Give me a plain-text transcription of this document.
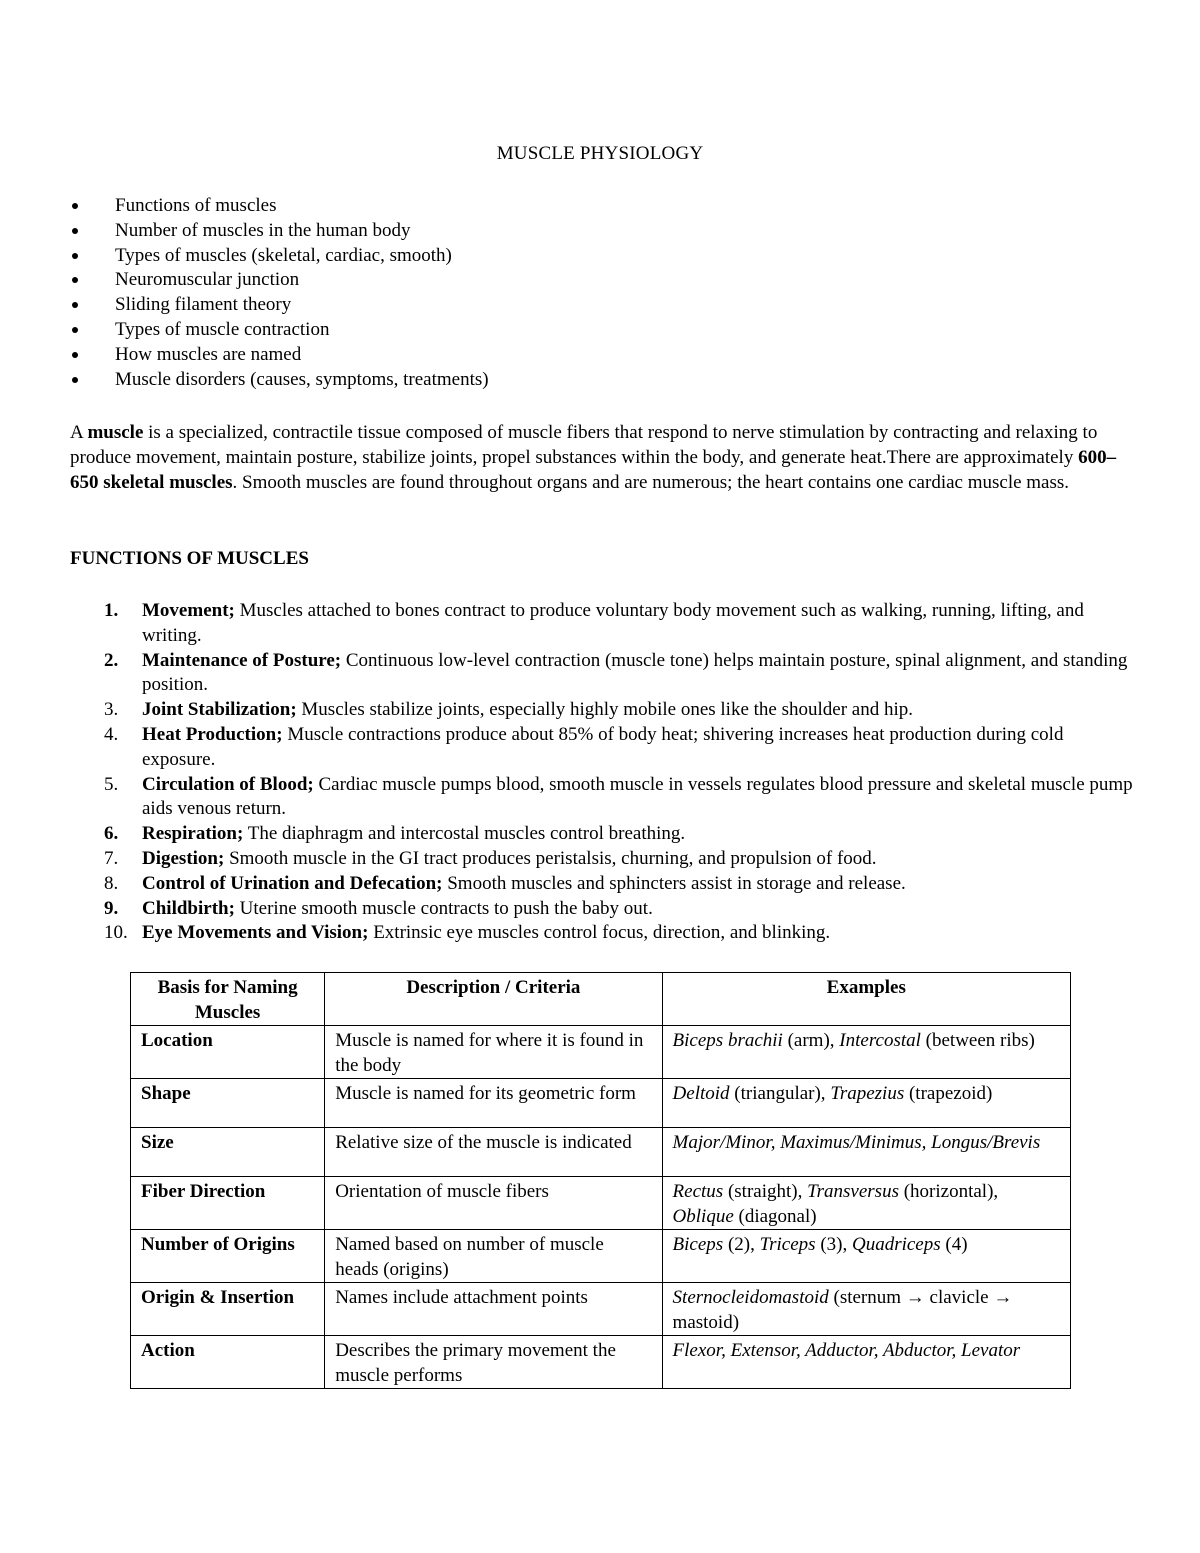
MUSCLE PHYSIOLOGY
Functions of muscles
Number of muscles in the human body
Types of muscles (skeletal, cardiac, smooth)
Neuromuscular junction
Sliding filament theory
Types of muscle contraction
How muscles are named
Muscle disorders (causes, symptoms, treatments)

A muscle is a specialized, contractile tissue composed of muscle fibers that respond to nerve stimulation by contracting and relaxing to produce movement, maintain posture, stabilize joints, propel substances within the body, and generate heat.There are approximately 600–650 skeletal muscles. Smooth muscles are found throughout organs and are numerous; the heart contains one cardiac muscle mass.

FUNCTIONS OF MUSCLES
1.	Movement; Muscles attached to bones contract to produce voluntary body movement such as walking, running, lifting, and writing.
2.	Maintenance of Posture; Continuous low-level contraction (muscle tone) helps maintain posture, spinal alignment, and standing position.
3.	Joint Stabilization; Muscles stabilize joints, especially highly mobile ones like the shoulder and hip.
4.	Heat Production; Muscle contractions produce about 85% of body heat; shivering increases heat production during cold exposure.
5.	Circulation of Blood; Cardiac muscle pumps blood, smooth muscle in vessels regulates blood pressure and skeletal muscle pump aids venous return.
6.	Respiration; The diaphragm and intercostal muscles control breathing.
7.	Digestion; Smooth muscle in the GI tract produces peristalsis, churning, and propulsion of food.
8.	Control of Urination and Defecation; Smooth muscles and sphincters assist in storage and release.
9.	Childbirth; Uterine smooth muscle contracts to push the baby out.
10. Eye Movements and Vision; Extrinsic eye muscles control focus, direction, and blinking.
Basis for Naming Muscles	Description / Criteria	Examples
Location	Muscle is named for where it is found in the body	Biceps brachii (arm), Intercostal (between ribs)
Shape	Muscle is named for its geometric form	Deltoid (triangular), Trapezius (trapezoid)
Size	Relative size of the muscle is indicated	Major/Minor, Maximus/Minimus, Longus/Brevis
Fiber Direction	Orientation of muscle fibers	Rectus (straight), Transversus (horizontal), Oblique (diagonal)
Number of Origins	Named based on number of muscle heads (origins)	Biceps (2), Triceps (3), Quadriceps (4)
Origin & Insertion	Names include attachment points	Sternocleidomastoid (sternum → clavicle → mastoid)
Action	Describes the primary movement the muscle performs	Flexor, Extensor, Adductor, Abductor, Levator
